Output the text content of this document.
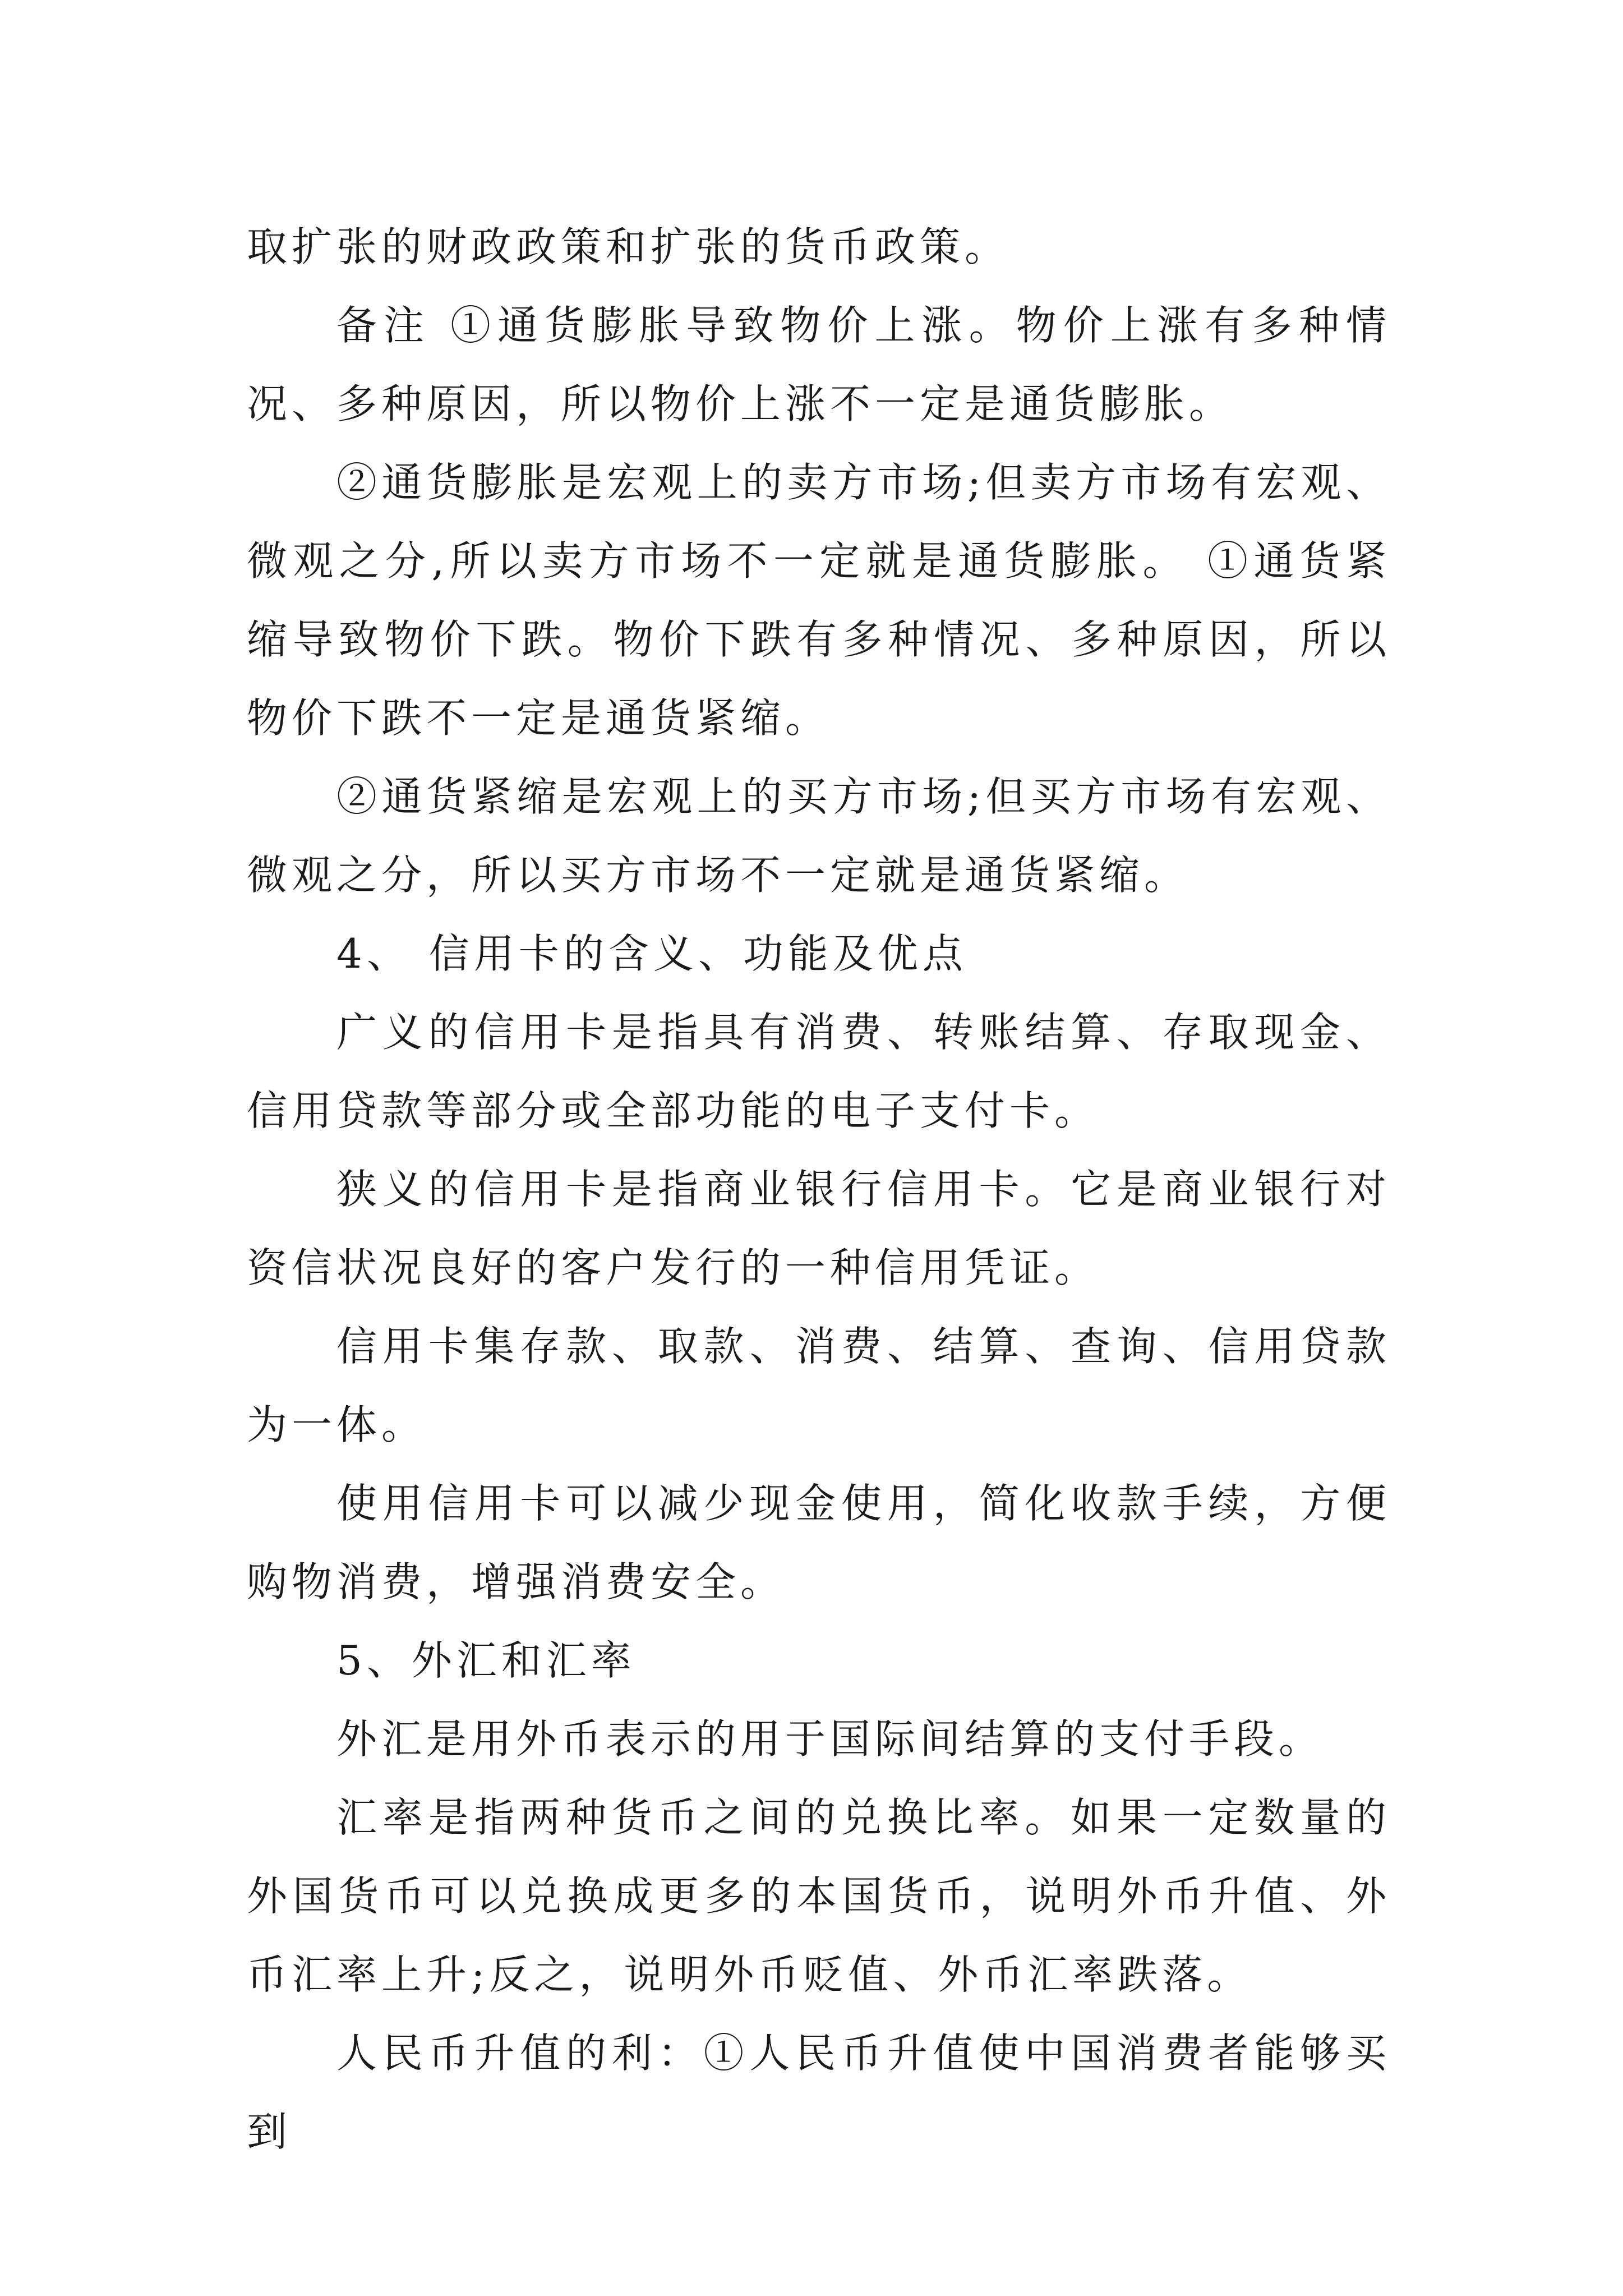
取扩张的财政政策和扩张的货币政策。

备注 ①通货膨胀导致物价上涨。物价上涨有多种情况、多种原因，所以物价上涨不一定是通货膨胀。

②通货膨胀是宏观上的卖方市场;但卖方市场有宏观、微观之分,所以卖方市场不一定就是通货膨胀。 ①通货紧缩导致物价下跌。物价下跌有多种情况、多种原因，所以物价下跌不一定是通货紧缩。

②通货紧缩是宏观上的买方市场;但买方市场有宏观、微观之分，所以买方市场不一定就是通货紧缩。

4、 信用卡的含义、功能及优点

广义的信用卡是指具有消费、转账结算、存取现金、信用贷款等部分或全部功能的电子支付卡。

狭义的信用卡是指商业银行信用卡。它是商业银行对资信状况良好的客户发行的一种信用凭证。

信用卡集存款、取款、消费、结算、查询、信用贷款为一体。

使用信用卡可以减少现金使用，简化收款手续，方便购物消费，增强消费安全。

5、外汇和汇率

外汇是用外币表示的用于国际间结算的支付手段。

汇率是指两种货币之间的兑换比率。如果一定数量的外国货币可以兑换成更多的本国货币，说明外币升值、外币汇率上升;反之，说明外币贬值、外币汇率跌落。

人民币升值的利：①人民币升值使中国消费者能够买到
